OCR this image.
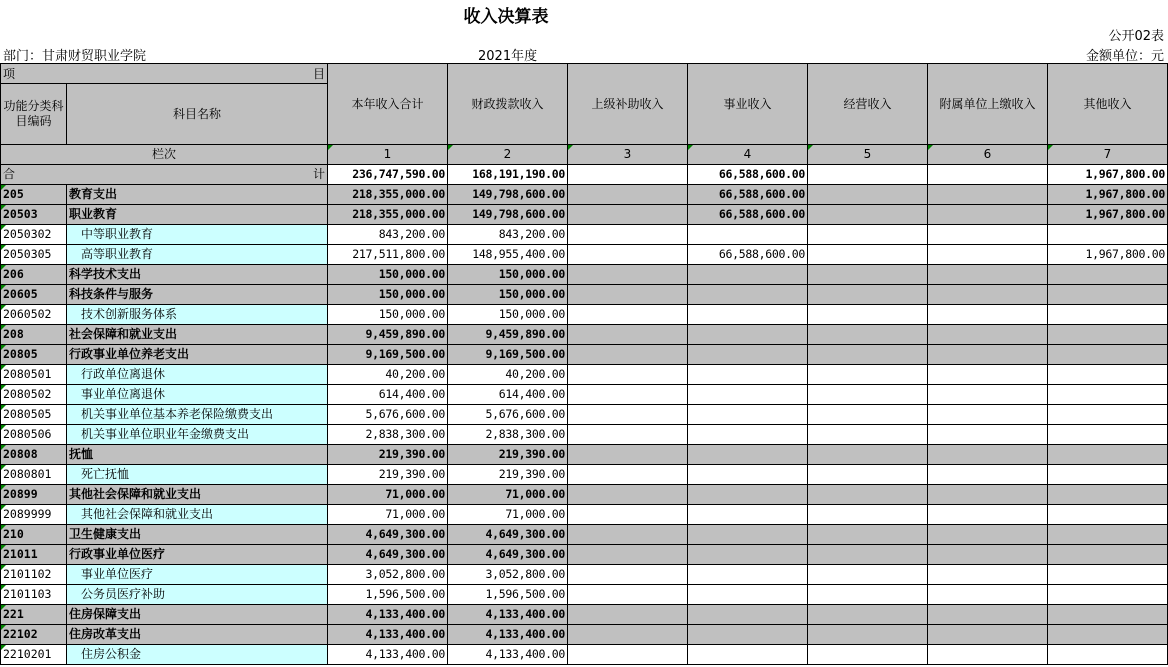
收入决算表
公开02表
部门：甘肃财贸职业学院	2021年度	金额单位：元
项 目		本年收入合计	财政拨款收入	上级补助收入	事业收入	经营收入	附属单位上缴收入	其他收入
功能分类科目编码	科目名称							
栏次		1	2	3	4	5	6	7

合 计		236,747,590.00	168,191,190.00		66,588,600.00			1,967,800.00
205	教育支出	218,355,000.00	149,798,600.00		66,588,600.00			1,967,800.00
20503	职业教育	218,355,000.00	149,798,600.00		66,588,600.00			1,967,800.00
2050302	中等职业教育	843,200.00	843,200.00					
2050305	高等职业教育	217,511,800.00	148,955,400.00		66,588,600.00			1,967,800.00
206	科学技术支出	150,000.00	150,000.00					
20605	科技条件与服务	150,000.00	150,000.00					
2060502	技术创新服务体系	150,000.00	150,000.00					
208	社会保障和就业支出	9,459,890.00	9,459,890.00					
20805	行政事业单位养老支出	9,169,500.00	9,169,500.00					
2080501	行政单位离退休	40,200.00	40,200.00					
2080502	事业单位离退休	614,400.00	614,400.00					
2080505	机关事业单位基本养老保险缴费支出	5,676,600.00	5,676,600.00					
2080506	机关事业单位职业年金缴费支出	2,838,300.00	2,838,300.00					
20808	抚恤	219,390.00	219,390.00					
2080801	死亡抚恤	219,390.00	219,390.00					
20899	其他社会保障和就业支出	71,000.00	71,000.00					
2089999	其他社会保障和就业支出	71,000.00	71,000.00					
210	卫生健康支出	4,649,300.00	4,649,300.00					
21011	行政事业单位医疗	4,649,300.00	4,649,300.00					
2101102	事业单位医疗	3,052,800.00	3,052,800.00					
2101103	公务员医疗补助	1,596,500.00	1,596,500.00					
221	住房保障支出	4,133,400.00	4,133,400.00					
22102	住房改革支出	4,133,400.00	4,133,400.00					
2210201	住房公积金	4,133,400.00	4,133,400.00					
